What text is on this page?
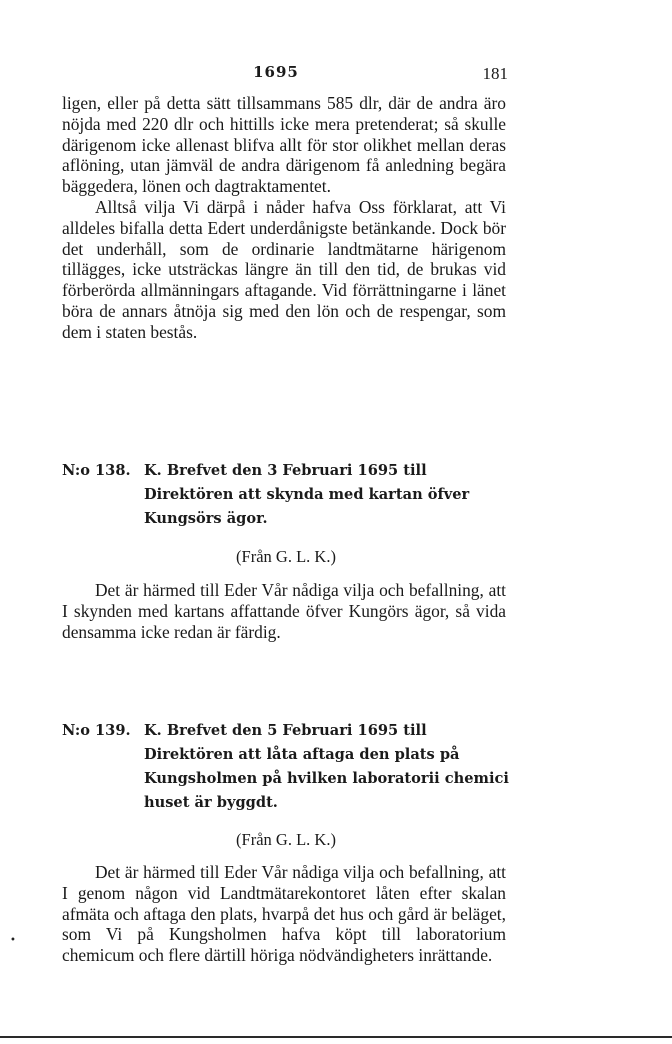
1695	181

ligen, eller på detta sätt tillsammans 585 dlr, där de andra äro nöjda med 220 dlr och hittills icke mera pretenderat; så skulle därigenom icke allenast blifva allt för stor olikhet mellan deras aflöning, utan jämväl de andra därigenom få anledning begära bäggedera, lönen och dagtraktamentet.

Alltså vilja Vi därpå i nåder hafva Oss förklarat, att Vi alldeles bifalla detta Edert underdånigste betänkande. Dock bör det underhåll, som de ordinarie landtmätarne härigenom tillägges, icke utsträckas längre än till den tid, de brukas vid förberörda allmänningars aftagande. Vid förrättningarne i länet böra de annars åtnöja sig med den lön och de respengar, som dem i staten bestås.

N:o 138. K. Brefvet den 3 Februari 1695 till Direktören att skynda med kartan öfver Kungsörs ägor.
(Från G. L. K.)

Det är härmed till Eder Vår nådiga vilja och befallning, att I skynden med kartans affattande öfver Kungörs ägor, så vida densamma icke redan är färdig.

N:o 139. K. Brefvet den 5 Februari 1695 till Direktören att låta aftaga den plats på Kungsholmen på hvilken laboratorii chemici huset är byggdt.
(Från G. L. K.)

Det är härmed till Eder Vår nådiga vilja och befallning, att I genom någon vid Landtmätarekontoret låten efter skalan afmäta och aftaga den plats, hvarpå det hus och gård är beläget, som Vi på Kungsholmen hafva köpt till laboratorium chemicum och flere därtill höriga nödvändigheters inrättande.

•
